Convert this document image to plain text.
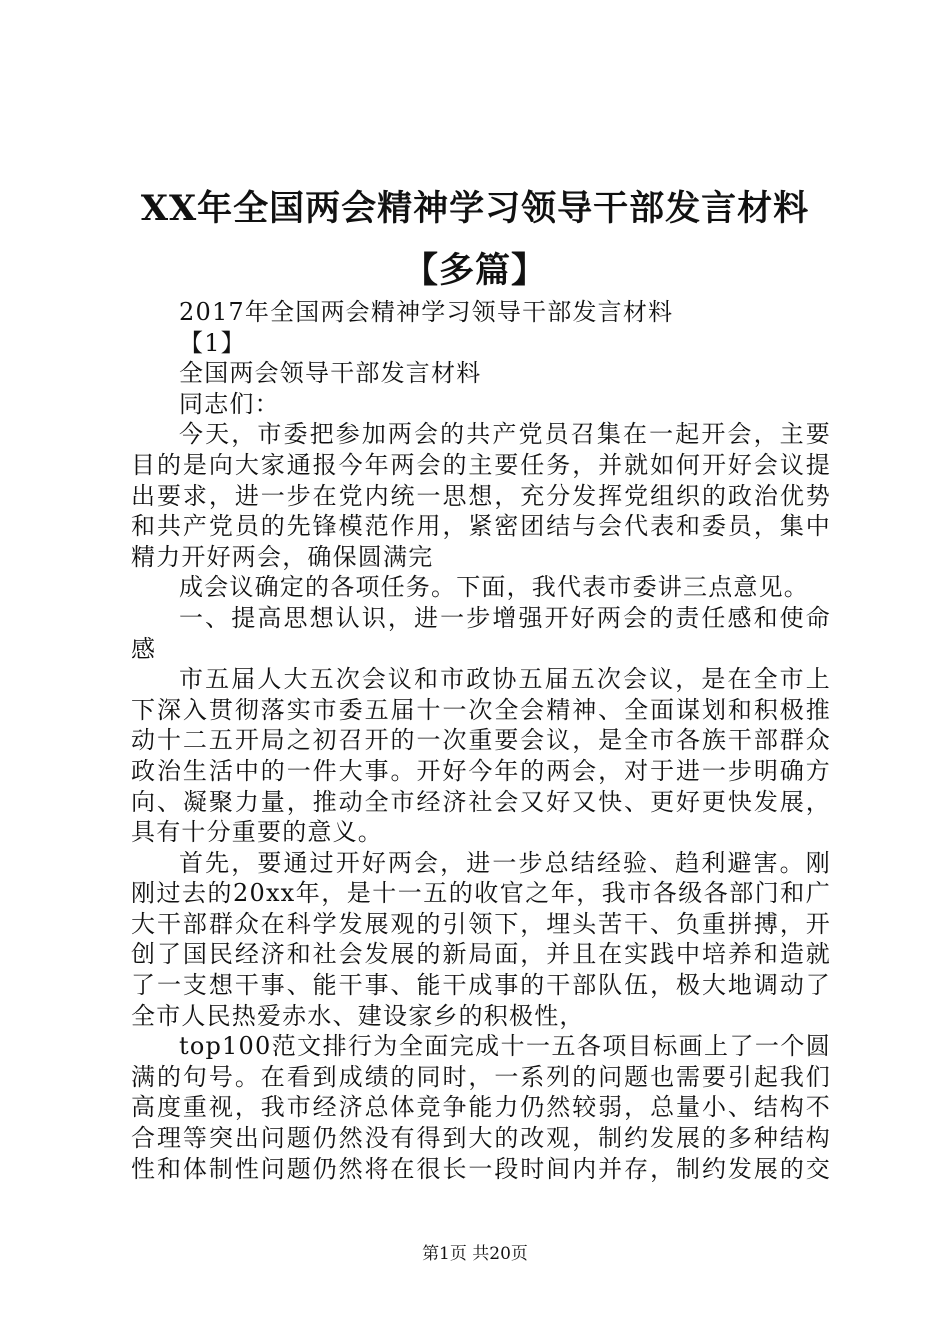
XX年全国两会精神学习领导干部发言材料
【多篇】
2017年全国两会精神学习领导干部发言材料
【1】
全国两会领导干部发言材料
同志们：
今天，市委把参加两会的共产党员召集在一起开会，主要
目的是向大家通报今年两会的主要任务，并就如何开好会议提
出要求，进一步在党内统一思想，充分发挥党组织的政治优势
和共产党员的先锋模范作用，紧密团结与会代表和委员，集中
精力开好两会，确保圆满完
成会议确定的各项任务。下面，我代表市委讲三点意见。
一、提高思想认识，进一步增强开好两会的责任感和使命
感
市五届人大五次会议和市政协五届五次会议，是在全市上
下深入贯彻落实市委五届十一次全会精神、全面谋划和积极推
动十二五开局之初召开的一次重要会议，是全市各族干部群众
政治生活中的一件大事。开好今年的两会，对于进一步明确方
向、凝聚力量，推动全市经济社会又好又快、更好更快发展，
具有十分重要的意义。
首先，要通过开好两会，进一步总结经验、趋利避害。刚
刚过去的20xx年，是十一五的收官之年，我市各级各部门和广
大干部群众在科学发展观的引领下，埋头苦干、负重拼搏，开
创了国民经济和社会发展的新局面，并且在实践中培养和造就
了一支想干事、能干事、能干成事的干部队伍，极大地调动了
全市人民热爱赤水、建设家乡的积极性，
top100范文排行为全面完成十一五各项目标画上了一个圆
满的句号。在看到成绩的同时，一系列的问题也需要引起我们
高度重视，我市经济总体竞争能力仍然较弱，总量小、结构不
合理等突出问题仍然没有得到大的改观，制约发展的多种结构
性和体制性问题仍然将在很长一段时间内并存，制约发展的交
第1页 共20页
